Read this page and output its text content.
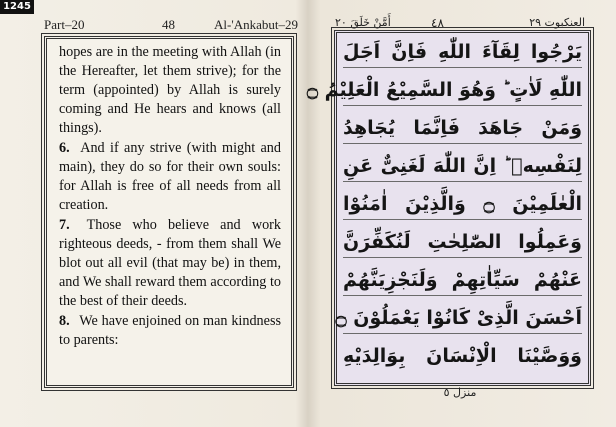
1245
Part–20	48	Al-'Ankabut–29

hopes are in the meeting with Allah (in the Hereafter, let them strive); for the term (appointed) by Allah is surely coming and He hears and knows (all things).

6. And if any strive (with might and main), they do so for their own souls: for Allah is free of all needs from all creation.

7. Those who believe and work righteous deeds, - from them shall We blot out all evil (that may be) in them, and We shall reward them according to the best of their deeds.

8. We have enjoined on man kindness to parents:

أَمَّنْ خَلَقَ ٢٠	٤٨	العنكبوت ٢٩
يَرْجُوا لِقَآءَ اللّٰهِ فَاِنَّ اَجَلَ
اللّٰهِ لَاٰتٍ ؕ وَهُوَ السَّمِيْعُ الْعَلِيْمُ ۝
وَمَنْ جَاهَدَ فَاِنَّمَا يُجَاهِدُ
لِنَفْسِهٖ ؕ اِنَّ اللّٰهَ لَغَنِىٌّ عَنِ
الْعٰلَمِيْنَ ۝ وَالَّذِيْنَ اٰمَنُوْا
وَعَمِلُوا الصّٰلِحٰتِ لَنُكَفِّرَنَّ
عَنْهُمْ سَيِّاٰتِهِمْ وَلَنَجْزِيَنَّهُمْ
اَحْسَنَ الَّذِىْ كَانُوْا يَعْمَلُوْنَ ۝
وَوَصَّيْنَا الْاِنْسَانَ بِوَالِدَيْهِ
منزل ٥
